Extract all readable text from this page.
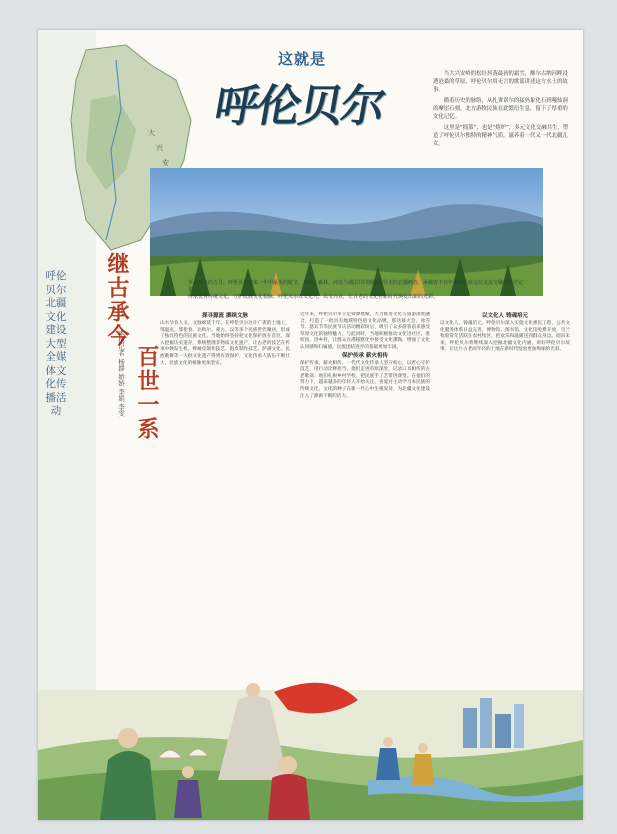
大
兴
安
呼伦贝尔北疆文化建设大型全媒体文化传播活动
这就是
呼伦贝尔

当大兴安岭的松针抖落最初的霜雪，额尔古纳河畔浸透沧桑的草原，呼伦贝尔用无言的歌谣讲述这方水土的故事。

循着历史的脉络，从扎赉诺尔的猛犸象化石到嘎仙洞的摩崖石刻，北方游牧民族在此繁衍生息，留下了厚重的文化记忆。

这里是“摇篮”，也是“熔炉”，多元文化交融共生，塑造了呼伦贝尔独特的精神气质，滋养着一代又一代北疆儿女。

草长莺飞的五月，呼伦贝尔迎来一年中最美的时节，草原、森林、河流与湖泊共同描绘出壮美的北疆画卷，承载着千百年来各民族交往交流交融的历史记忆。

传承优秀传统文化，守护民族文化根脉，呼伦贝尔以文化人，以文兴业，让古老的文化在新时代焕发出新的光彩。

继古承今
百世一系
本报记者 杨群 娇娇 李娟 李雯
探寻源流 赓续文脉
山水孕育人文，文脉绵延千年。在呼伦贝尔这片广袤的土地上，鄂温克、鄂伦春、达斡尔、蒙古、汉等多个民族世代聚居，形成了独具特色的民族文化。当地始终坚持把文化保护放在首位，深入挖掘历史遗存，系统整理非物质文化遗产，让古老的技艺在传承中焕发生机。桦树皮制作技艺、狍皮制作技艺、萨满文化、民族歌舞等一大批文化遗产得到有效保护，文化传承人队伍不断壮大，民族文化的根脉更加坚实。
近年来，呼伦贝尔市立足资源禀赋，大力推进文化与旅游深度融合，打造了一批具有地域特色的文化品牌。那达慕大会、冰雪节、瑟宾节等民族节庆活动精彩纷呈，吸引了众多游客前来感受草原文化的独特魅力。与此同时，当地积极推动文化进社区、进校园、进乡村，让群众在潜移默化中接受文化熏陶，增强了文化认同感和归属感，民族团结进步的基础更加牢固。
保护传承 薪火相传
保护传承，薪火相传。一代代文化传承人坚守初心，以匠心守护技艺，用行动诠释担当。他们走进草原深处，记录口耳相传的古老歌谣；他们扎根乡村学校，把民族手工艺带进课堂。在他们的努力下，越来越多的年轻人开始关注、喜爱并主动学习本民族的传统文化，文化的种子在新一代心中生根发芽，为北疆文化建设注入了源源不断的活力。
以文化人 铸魂培元
以文化人，铸魂培元。呼伦贝尔深入实施文化惠民工程，公共文化服务体系日益完善，博物馆、图书馆、文化馆免费开放，乌兰牧骑常年活跃在农村牧区，把欢乐和温暖送到群众身边。面向未来，呼伦贝尔将继续深入挖掘北疆文化内涵，讲好呼伦贝尔故事，让这片古老而年轻的土地在新时代绽放更加绚丽的光彩。
